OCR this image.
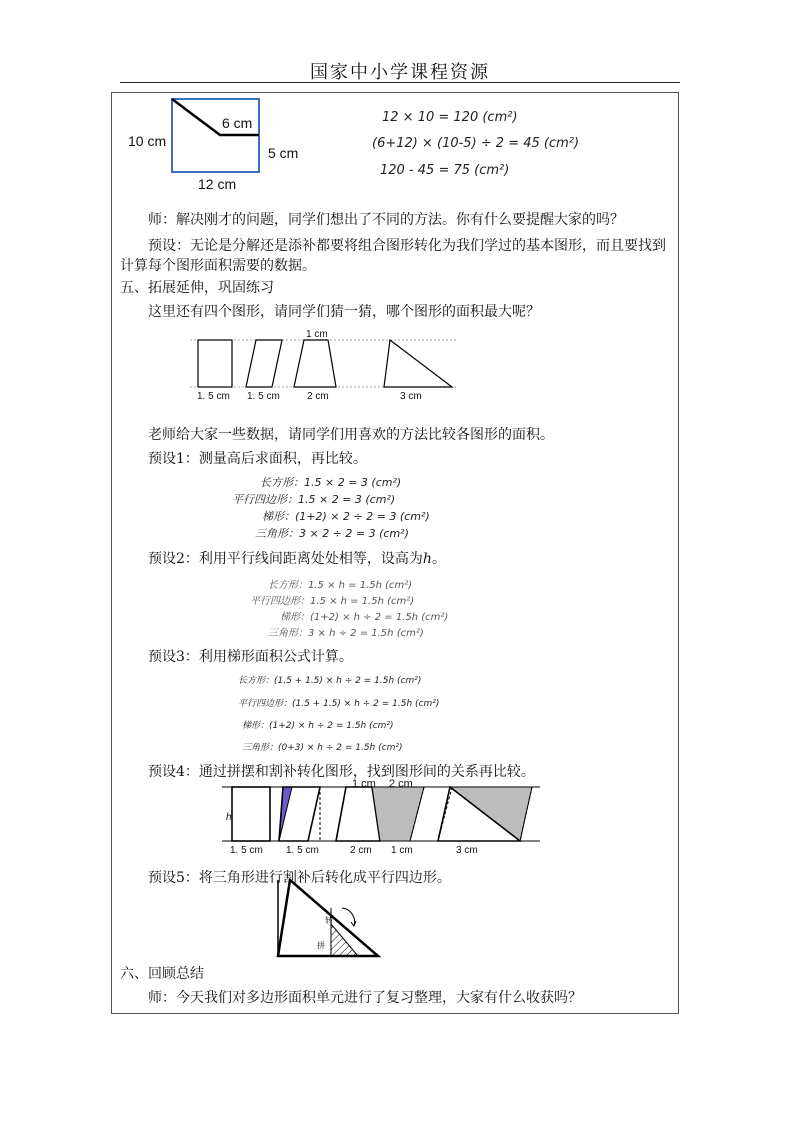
国家中小学课程资源
6 cm
10 cm
5 cm
12 cm
12 × 10 = 120 (cm²)
(6+12) × (10-5) ÷ 2 = 45 (cm²)
120 - 45 = 75 (cm²)
师：解决刚才的问题，同学们想出了不同的方法。你有什么要提醒大家的吗？
预设：无论是分解还是添补都要将组合图形转化为我们学过的基本图形，而且要找到
计算每个图形面积需要的数据。
五、拓展延伸，巩固练习
这里还有四个图形，请同学们猜一猜，哪个图形的面积最大呢？
1 cm
1. 5 cm 1. 5 cm	2 cm	3 cm
老师给大家一些数据，请同学们用喜欢的方法比较各图形的面积。
预设1：测量高后求面积，再比较。
长方形：1.5 × 2 = 3 (cm²)
平行四边形：1.5 × 2 = 3 (cm²)
梯形：(1+2) × 2 ÷ 2 = 3 (cm²)
三角形：3 × 2 ÷ 2 = 3 (cm²)
预设2：利用平行线间距离处处相等，设高为h。
长方形：1.5 × h = 1.5h (cm²)
平行四边形：1.5 × h = 1.5h (cm²)
梯形：(1+2) × h ÷ 2 = 1.5h (cm²)
三角形：3 × h ÷ 2 = 1.5h (cm²)
预设3：利用梯形面积公式计算。
长方形：(1.5 + 1.5) × h ÷ 2 = 1.5h (cm²)
平行四边形：(1.5 + 1.5) × h ÷ 2 = 1.5h (cm²)
梯形：(1+2) × h ÷ 2 = 1.5h (cm²)
三角形：(0+3) × h ÷ 2 = 1.5h (cm²)
预设4：通过拼摆和割补转化图形，找到图形间的关系再比较。
h
1 cm 2 cm
1. 5 cm 1. 5 cm	2 cm 1 cm	3 cm
预设5：将三角形进行割补后转化成平行四边形。
转
拼
六、回顾总结
师：今天我们对多边形面积单元进行了复习整理，大家有什么收获吗？
